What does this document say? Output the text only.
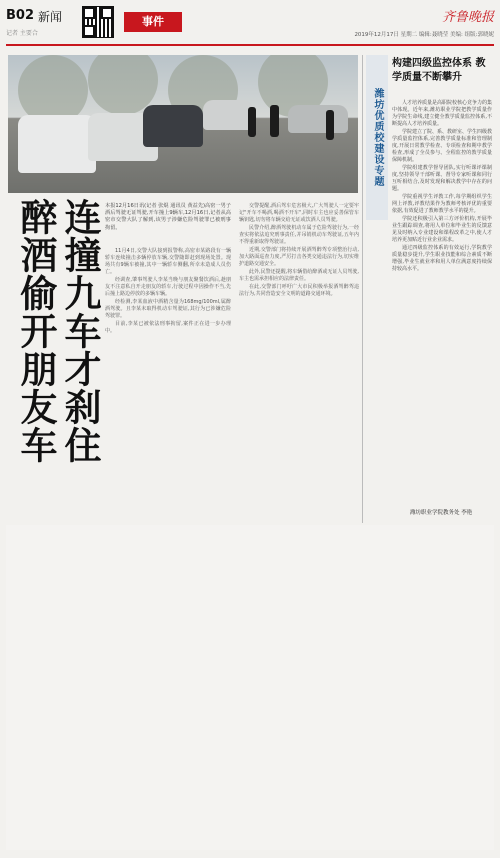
B02 新闻
记者 主要合
事件	齐鲁晚报
2019年12月17日 星期二 编辑:聂晓莹 美编: 组版:郭晓妮
潍坊优质校建设专题
构建四级监控体系 教学质量不断攀升

人才培养质量是高职院校核心竞争力的集中体现。近年来,潍坊职业学院把教学质量作为学院生命线,建立健全教学质量监控体系,不断提高人才培养质量。

学院建立了院、系、教研室、学生四级教学质量监控体系,完善教学质量标准和管理制度,开展日常教学检查、专项检查和期中教学检查,形成了全员参与、全程监控的教学质量保障机制。

学院组建教学督导团队,实行听课评课制度,坚持领导干部听课、督导专家听课和同行互听相结合,及时发现和解决教学中存在的问题。

学院重视学生评教工作,每学期组织学生网上评教,评教结果作为教师考核评优的重要依据,有效促进了教师教学水平的提升。

学院还积极引入第三方评价机构,开展毕业生跟踪调查,将用人单位和毕业生的反馈意见及时纳入专业建设和课程改革之中,使人才培养更加贴近行业企业需求。

通过四级监控体系的有效运行,学院教学质量稳步提升,学生职业技能和综合素质不断增强,毕业生就业率和用人单位满意度持续保持较高水平。

潍坊职业学院教务处 李艳
连撞九车才刹住
醉酒偷开朋友车	本报12月16日讯(记者 张焜 通讯员 黄益先)高密一男子酒后驾驶无证驾驶,开车撞上9辆车,12月16日,记者从高密市交警大队了解到,该男子涉嫌危险驾驶罪已被刑事拘留。

11月4日,交警大队接到报警称,高密市某路段有一辆轿车连续撞击多辆停放车辆,交警随即赶到现场处置。现场共有9辆车被撞,其中一辆轿车侧翻,所幸未造成人员伤亡。

经调查,肇事驾驶人李某当晚与朋友聚餐饮酒后,趁朋友不注意私自开走朋友的轿车,行驶过程中因操作不当,先后撞上路边停放的多辆车辆。

经检测,李某血液中酒精含量为168mg/100ml,属醉酒驾驶。且李某未取得机动车驾驶证,其行为已涉嫌危险驾驶罪。

目前,李某已被依法刑事拘留,案件正在进一步办理中。

交警提醒,酒后驾车危害极大,广大驾驶人一定要牢记"开车不喝酒,喝酒不开车",同时车主也应妥善保管车辆钥匙,切勿将车辆交给无证或饮酒人员驾驶。

民警介绍,醉酒驾驶机动车属于危险驾驶行为,一经查实将依法追究刑事责任,并吊销机动车驾驶证,五年内不得重新取得驾驶证。

近期,交警部门将持续开展酒驾醉驾专项整治行动,加大路面巡查力度,严厉打击各类交通违法行为,切实维护道路交通安全。

此外,民警还提醒,将车辆借给醉酒或无证人员驾驶,车主也需承担相应的法律责任。

在此,交警部门呼吁广大市民积极举报酒驾醉驾违法行为,共同营造安全文明的道路交通环境。
